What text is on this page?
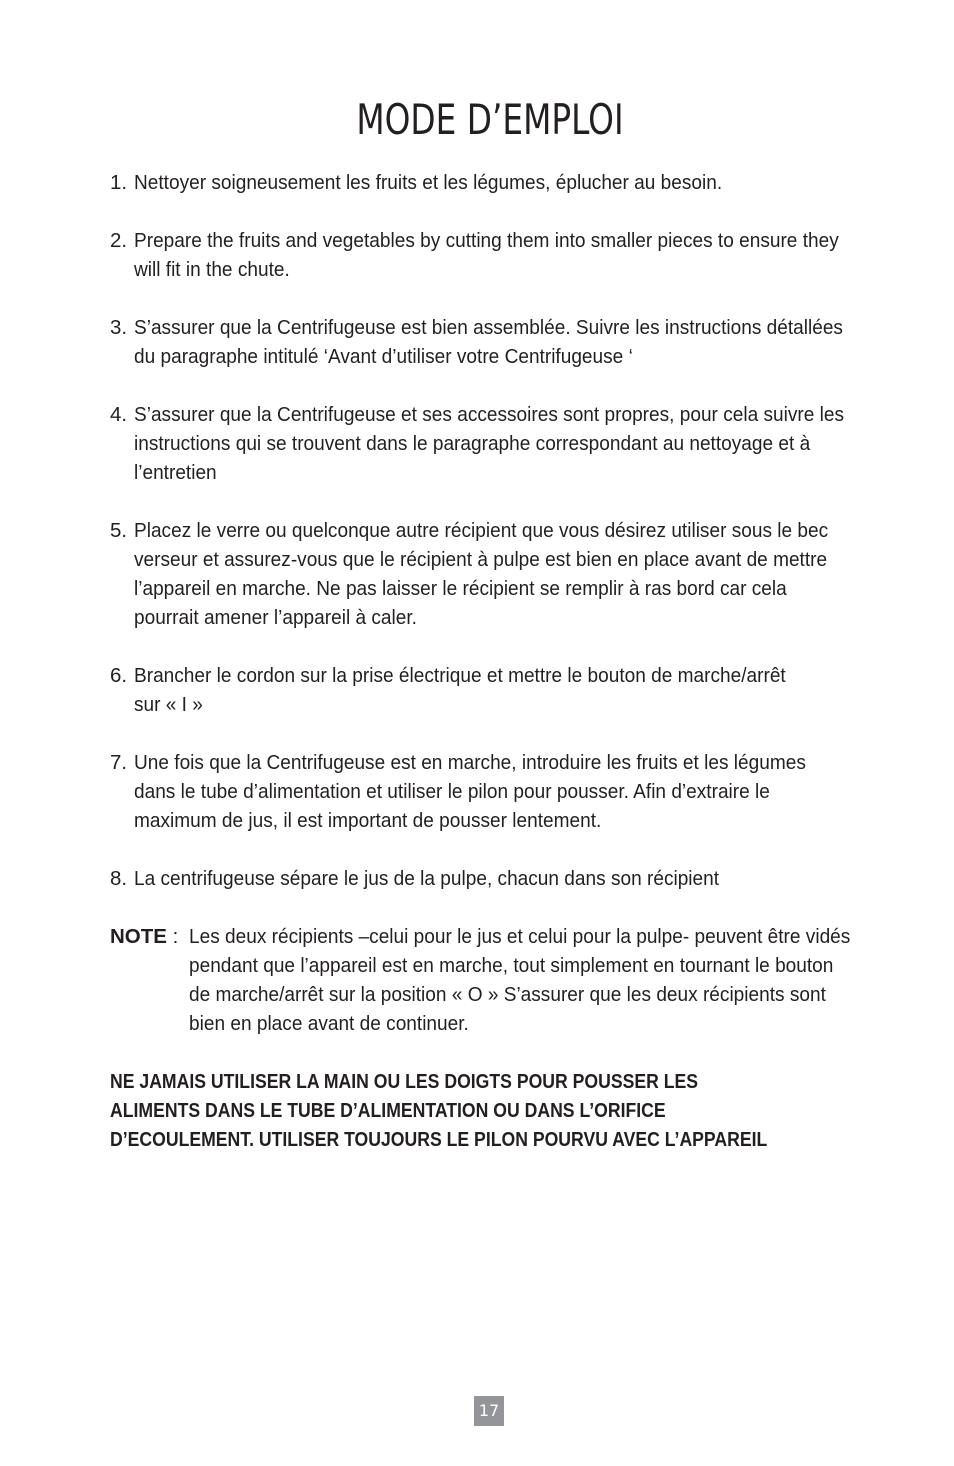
MODE D’EMPLOI
1. Nettoyer soigneusement les fruits et les légumes, éplucher au besoin.
2. Prepare the fruits and vegetables by cutting them into smaller pieces to ensure they
will fit in the chute.
3. S’assurer que la Centrifugeuse est bien assemblée. Suivre les instructions détallées
du paragraphe intitulé ‘Avant d’utiliser votre Centrifugeuse ‘
4. S’assurer que la Centrifugeuse et ses accessoires sont propres, pour cela suivre les
instructions qui se trouvent dans le paragraphe correspondant au nettoyage et à
l’entretien
5. Placez le verre ou quelconque autre récipient que vous désirez utiliser sous le bec
verseur et assurez-vous que le récipient à pulpe est bien en place avant de mettre
l’appareil en marche. Ne pas laisser le récipient se remplir à ras bord car cela
pourrait amener l’appareil à caler.
6. Brancher le cordon sur la prise électrique et mettre le bouton de marche/arrêt
sur « I »
7. Une fois que la Centrifugeuse est en marche, introduire les fruits et les légumes
dans le tube d’alimentation et utiliser le pilon pour pousser. Afin d’extraire le
maximum de jus, il est important de pousser lentement.
8. La centrifugeuse sépare le jus de la pulpe, chacun dans son récipient
NOTE : Les deux récipients –celui pour le jus et celui pour la pulpe- peuvent être vidés
pendant que l’appareil est en marche, tout simplement en tournant le bouton
de marche/arrêt sur la position « O » S’assurer que les deux récipients sont
bien en place avant de continuer.
NE JAMAIS UTILISER LA MAIN OU LES DOIGTS POUR POUSSER LES
ALIMENTS DANS LE TUBE D’ALIMENTATION OU DANS L’ORIFICE
D’ECOULEMENT. UTILISER TOUJOURS LE PILON POURVU AVEC L’APPAREIL
17
